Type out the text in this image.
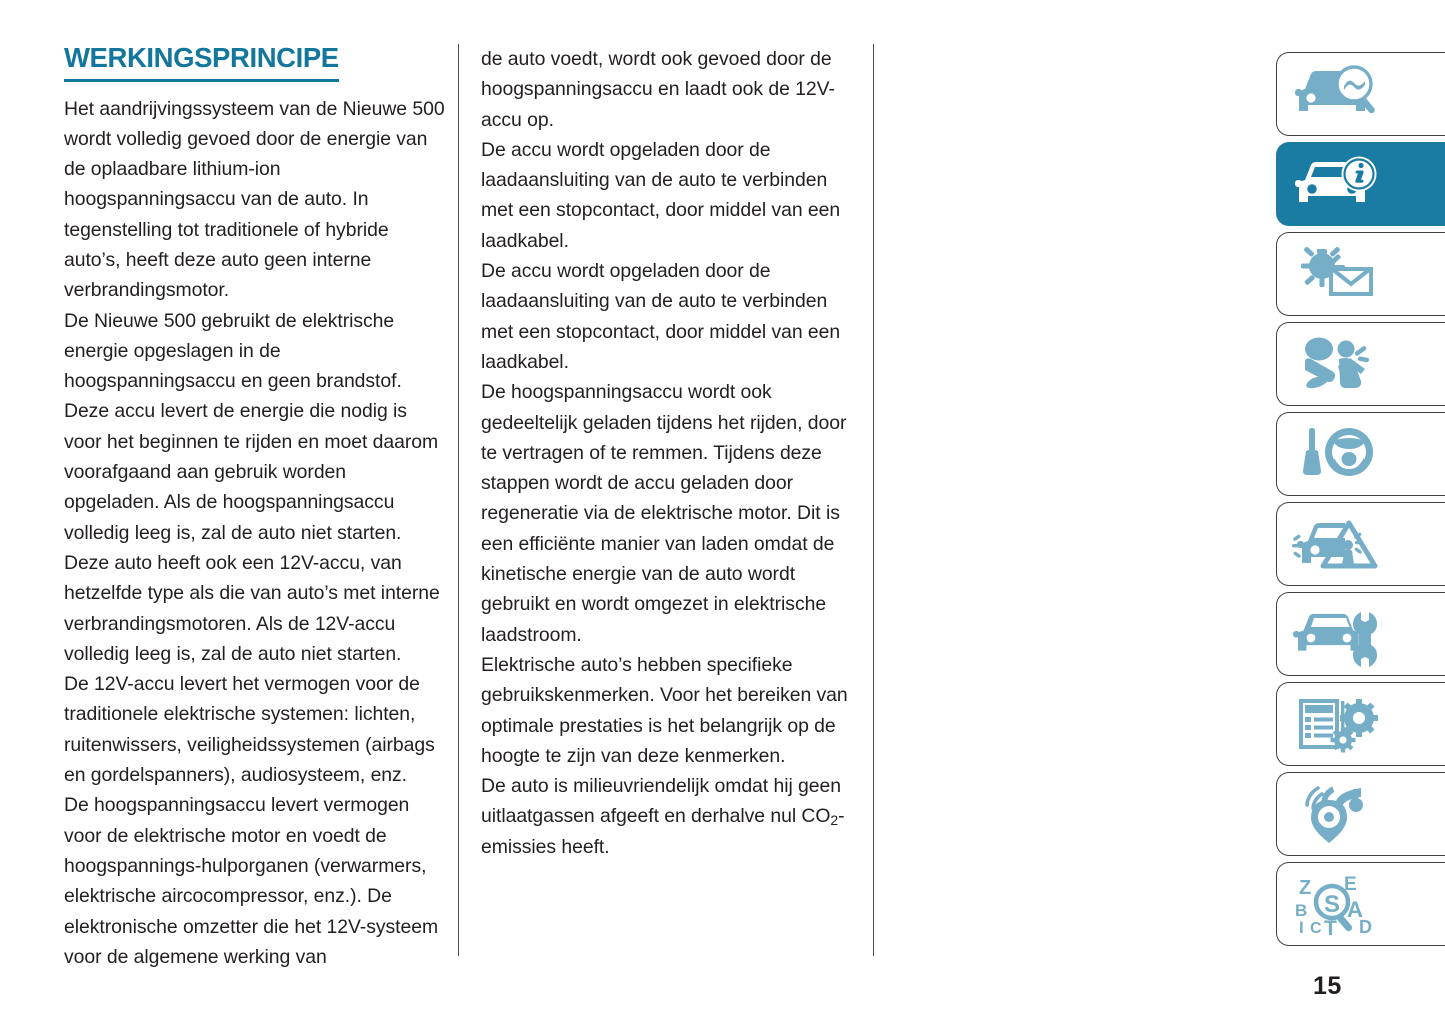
WERKINGSPRINCIPE

Het aandrijvingssysteem van de Nieuwe 500 wordt volledig gevoed door de energie van de oplaadbare lithium-ion hoogspanningsaccu van de auto. In tegenstelling tot traditionele of hybride auto’s, heeft deze auto geen interne verbrandingsmotor.

De Nieuwe 500 gebruikt de elektrische energie opgeslagen in de hoogspanningsaccu en geen brandstof. Deze accu levert de energie die nodig is voor het beginnen te rijden en moet daarom voorafgaand aan gebruik worden opgeladen. Als de hoogspanningsaccu volledig leeg is, zal de auto niet starten.

Deze auto heeft ook een 12V-accu, van hetzelfde type als die van auto’s met interne verbrandingsmotoren. Als de 12V-accu volledig leeg is, zal de auto niet starten.

De 12V-accu levert het vermogen voor de traditionele elektrische systemen: lichten, ruitenwissers, veiligheidssystemen (airbags en gordelspanners), audiosysteem, enz.

De hoogspanningsaccu levert vermogen voor de elektrische motor en voedt de hoogspannings-hulporganen (verwarmers, elektrische aircocompressor, enz.). De elektronische omzetter die het 12V-systeem voor de algemene werking van

de auto voedt, wordt ook gevoed door de hoogspanningsaccu en laadt ook de 12V-accu op.

De accu wordt opgeladen door de laadaansluiting van de auto te verbinden met een stopcontact, door middel van een laadkabel.

De accu wordt opgeladen door de laadaansluiting van de auto te verbinden met een stopcontact, door middel van een laadkabel.

De hoogspanningsaccu wordt ook gedeeltelijk geladen tijdens het rijden, door te vertragen of te remmen. Tijdens deze stappen wordt de accu geladen door regeneratie via de elektrische motor. Dit is een efficiënte manier van laden omdat de kinetische energie van de auto wordt gebruikt en wordt omgezet in elektrische laadstroom.

Elektrische auto’s hebben specifieke gebruikskenmerken. Voor het bereiken van optimale prestaties is het belangrijk op de hoogte te zijn van deze kenmerken.

De auto is milieuvriendelijk omdat hij geen uitlaatgassen afgeeft en derhalve nul $CO_2$-emissies heeft.

Z
B
I C T
E
A
D
S
15
